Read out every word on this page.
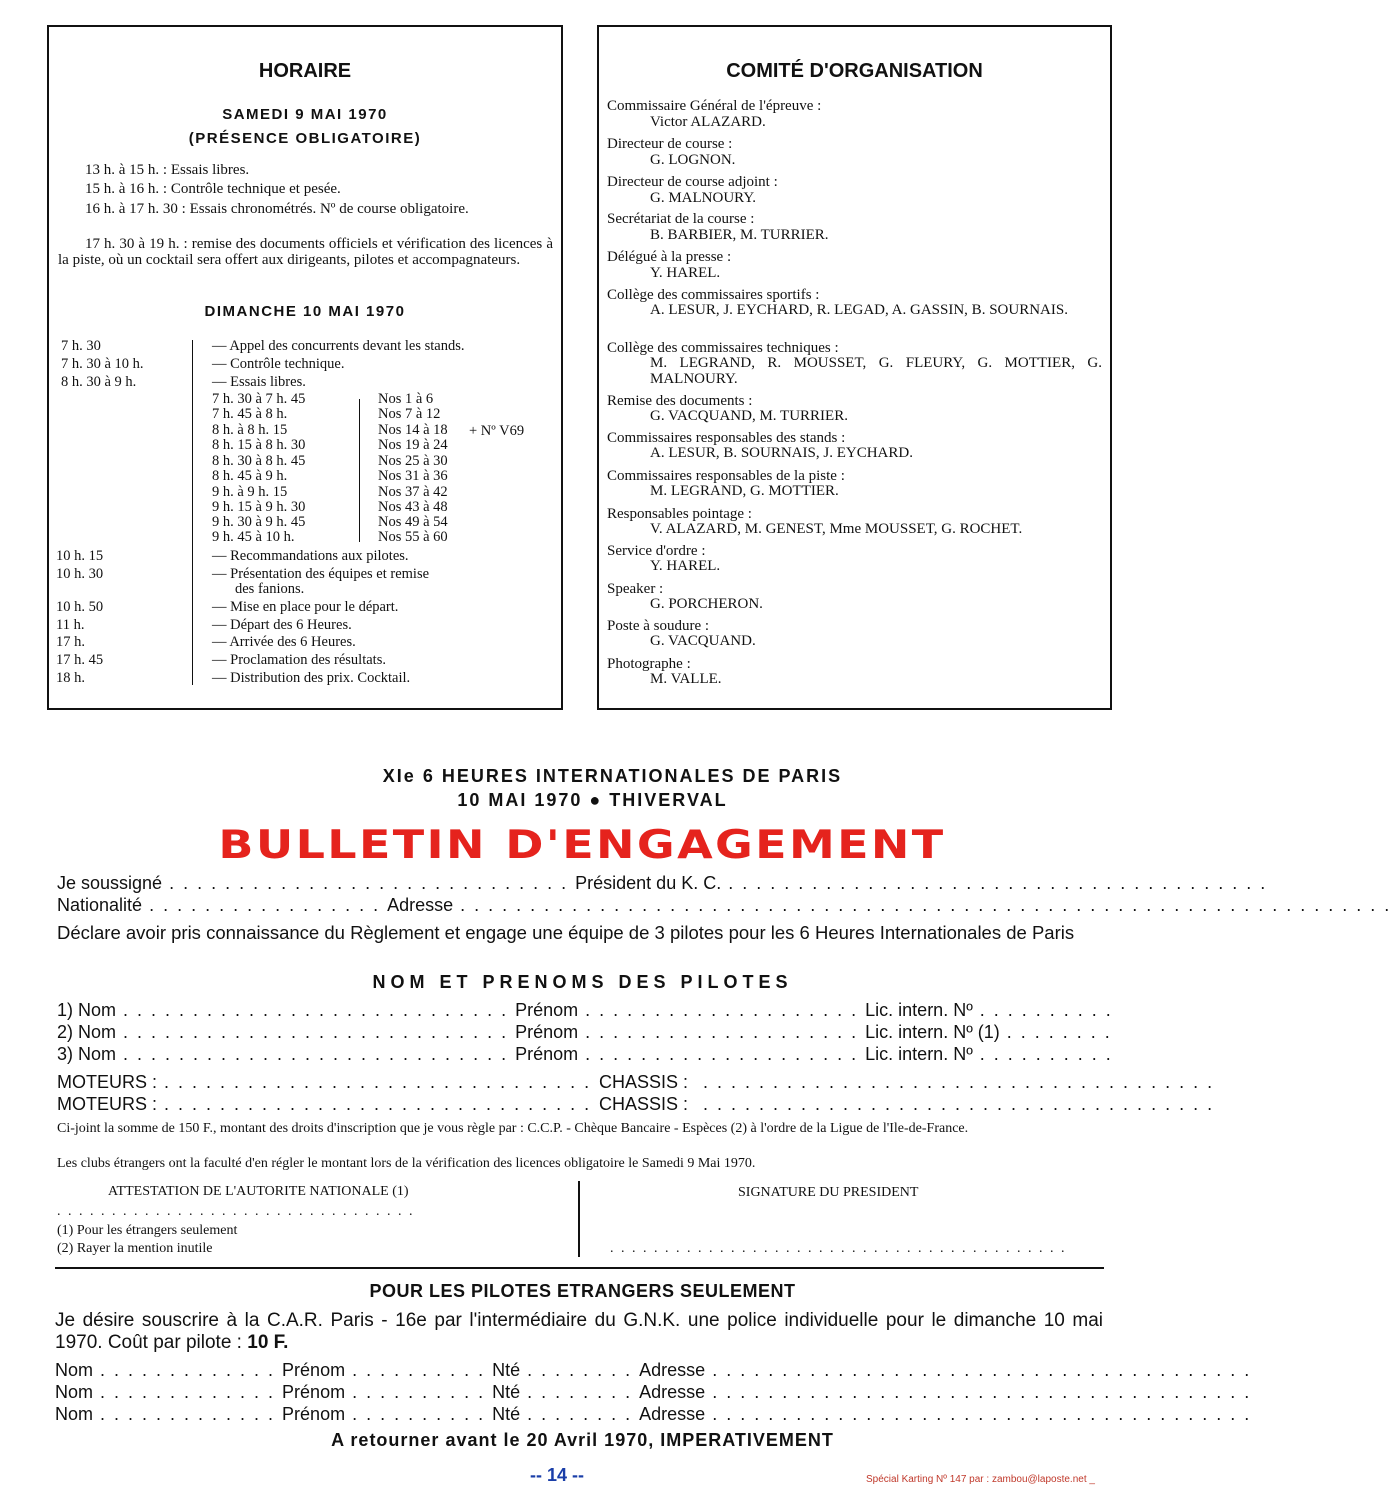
HORAIRE
SAMEDI 9 MAI 1970
(PRÉSENCE OBLIGATOIRE)
13 h. à 15 h. : Essais libres.
15 h. à 16 h. : Contrôle technique et pesée.
16 h. à 17 h. 30 : Essais chronométrés. Nº de course obligatoire.
17 h. 30 à 19 h. : remise des documents officiels et vérification des licences à la piste, où un cocktail sera offert aux dirigeants, pilotes et accompagnateurs.
DIMANCHE 10 MAI 1970
7 h. 30	— Appel des concurrents devant les stands.
7 h. 30 à 10 h.	— Contrôle technique.
8 h. 30 à 9 h.	— Essais libres.
7 h. 30 à 7 h. 45	Nos 1 à 6
7 h. 45 à 8 h.	Nos 7 à 12
8 h. à 8 h. 15	Nos 14 à 18 + Nº V69
8 h. 15 à 8 h. 30	Nos 19 à 24
8 h. 30 à 8 h. 45	Nos 25 à 30
8 h. 45 à 9 h.	Nos 31 à 36
9 h. à 9 h. 15	Nos 37 à 42
9 h. 15 à 9 h. 30	Nos 43 à 48
9 h. 30 à 9 h. 45	Nos 49 à 54
9 h. 45 à 10 h.	Nos 55 à 60
10 h. 15	— Recommandations aux pilotes.
10 h. 30	— Présentation des équipes et remise
des fanions.
10 h. 50	— Mise en place pour le départ.
11 h.	— Départ des 6 Heures.
17 h.	— Arrivée des 6 Heures.
17 h. 45	— Proclamation des résultats.
18 h.	— Distribution des prix. Cocktail.
COMITÉ D'ORGANISATION
Commissaire Général de l'épreuve :
Victor ALAZARD.
Directeur de course :
G. LOGNON.
Directeur de course adjoint :
G. MALNOURY.
Secrétariat de la course :
B. BARBIER, M. TURRIER.
Délégué à la presse :
Y. HAREL.
Collège des commissaires sportifs :
A. LESUR, J. EYCHARD, R. LEGAD, A. GASSIN, B. SOURNAIS.
Collège des commissaires techniques :
M. LEGRAND, R. MOUSSET, G. FLEURY, G. MOTTIER, G. MALNOURY.
Remise des documents :
G. VACQUAND, M. TURRIER.
Commissaires responsables des stands :
A. LESUR, B. SOURNAIS, J. EYCHARD.
Commissaires responsables de la piste :
M. LEGRAND, G. MOTTIER.
Responsables pointage :
V. ALAZARD, M. GENEST, Mme MOUSSET, G. ROCHET.
Service d'ordre :
Y. HAREL.
Speaker :
G. PORCHERON.
Poste à soudure :
G. VACQUAND.
Photographe :
M. VALLE.
XIe 6 HEURES INTERNATIONALES DE PARIS
10 MAI 1970 ● THIVERVAL
BULLETIN D'ENGAGEMENT
Je soussigné . . . . . . . . . . . . . . . . . . . . . . . . . . . . . Président du K. C. . . . . . . . . . . . . . . . . . . . . . . . . . . . . . . . . . . . . . . .
Nationalité . . . . . . . . . . . . . . . . . Adresse . . . . . . . . . . . . . . . . . . . . . . . . . . . . . . . . . . . . . . . . . . . . . . . . . . . . . . . . . . . . . . . . . . .
Déclare avoir pris connaissance du Règlement et engage une équipe de 3 pilotes pour les 6 Heures Internationales de Paris
NOM ET PRENOMS DES PILOTES
1) Nom . . . . . . . . . . . . . . . . . . . . . . . . . . . . Prénom . . . . . . . . . . . . . . . . . . . . Lic. intern. Nº . . . . . . . . . .
2) Nom . . . . . . . . . . . . . . . . . . . . . . . . . . . . Prénom . . . . . . . . . . . . . . . . . . . . Lic. intern. Nº (1) . . . . . . . .
3) Nom . . . . . . . . . . . . . . . . . . . . . . . . . . . . Prénom . . . . . . . . . . . . . . . . . . . . Lic. intern. Nº . . . . . . . . . .
MOTEURS : . . . . . . . . . . . . . . . . . . . . . . . . . . . . . . . CHASSIS : . . . . . . . . . . . . . . . . . . . . . . . . . . . . . . . . . . . . .
MOTEURS : . . . . . . . . . . . . . . . . . . . . . . . . . . . . . . . CHASSIS : . . . . . . . . . . . . . . . . . . . . . . . . . . . . . . . . . . . . .
Ci-joint la somme de 150 F., montant des droits d'inscription que je vous règle par : C.C.P. - Chèque Bancaire - Espèces (2) à l'ordre de la Ligue de l'Ile-de-France.
Les clubs étrangers ont la faculté d'en régler le montant lors de la vérification des licences obligatoire le Samedi 9 Mai 1970.
ATTESTATION DE L'AUTORITE NATIONALE (1)
. . . . . . . . . . . . . . . . . . . . . . . . . . . . . . . . .
(1) Pour les étrangers seulement
(2) Rayer la mention inutile
SIGNATURE DU PRESIDENT
. . . . . . . . . . . . . . . . . . . . . . . . . . . . . . . . . . . . . . . . . .
POUR LES PILOTES ETRANGERS SEULEMENT
Je désire souscrire à la C.A.R. Paris - 16e par l'intermédiaire du G.N.K. une police individuelle pour le dimanche 10 mai 1970. Coût par pilote : 10 F.
Nom . . . . . . . . . . . . . Prénom . . . . . . . . . . Nté . . . . . . . . Adresse . . . . . . . . . . . . . . . . . . . . . . . . . . . . . . . . . . . . . . .
Nom . . . . . . . . . . . . . Prénom . . . . . . . . . . Nté . . . . . . . . Adresse . . . . . . . . . . . . . . . . . . . . . . . . . . . . . . . . . . . . . . .
Nom . . . . . . . . . . . . . Prénom . . . . . . . . . . Nté . . . . . . . . Adresse . . . . . . . . . . . . . . . . . . . . . . . . . . . . . . . . . . . . . . .
A retourner avant le 20 Avril 1970, IMPERATIVEMENT
-- 14 --	Spécial Karting Nº 147 par : zambou@laposte.net _
